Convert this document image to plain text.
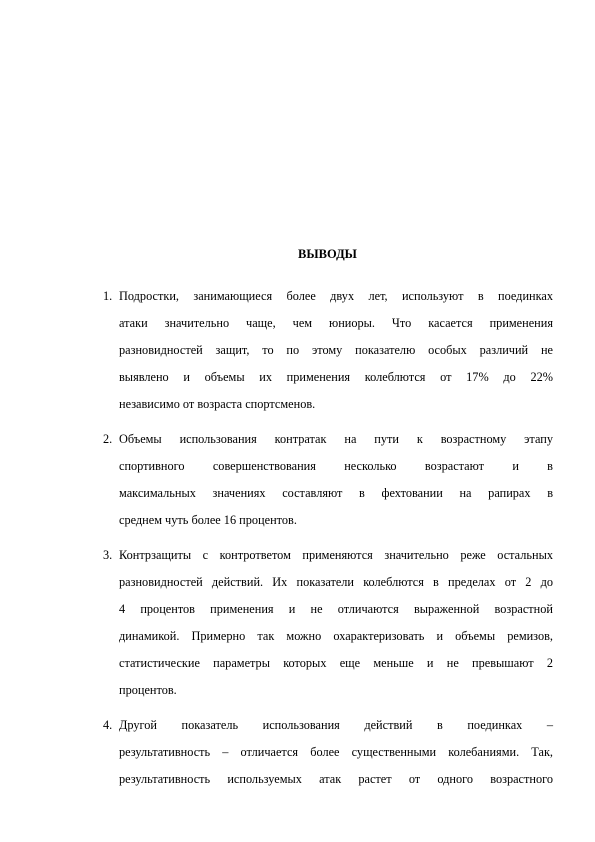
ВЫВОДЫ
1. Подростки, занимающиеся более двух лет, используют в поединках
атаки значительно чаще, чем юниоры. Что касается применения
разновидностей защит, то по этому показателю особых различий не
выявлено и объемы их применения колеблются от 17% до 22%
независимо от возраста спортсменов.
2. Объемы использования контратак на пути к возрастному этапу
спортивного совершенствования несколько возрастают и в
максимальных значениях составляют в фехтовании на рапирах в
среднем чуть более 16 процентов.
3. Контрзащиты с контрответом применяются значительно реже остальных
разновидностей действий. Их показатели колеблются в пределах от 2 до
4 процентов применения и не отличаются выраженной возрастной
динамикой. Примерно так можно охарактеризовать и объемы ремизов,
статистические параметры которых еще меньше и не превышают 2
процентов.
4. Другой показатель использования действий в поединках –
результативность – отличается более существенными колебаниями. Так,
результативность используемых атак растет от одного возрастного
